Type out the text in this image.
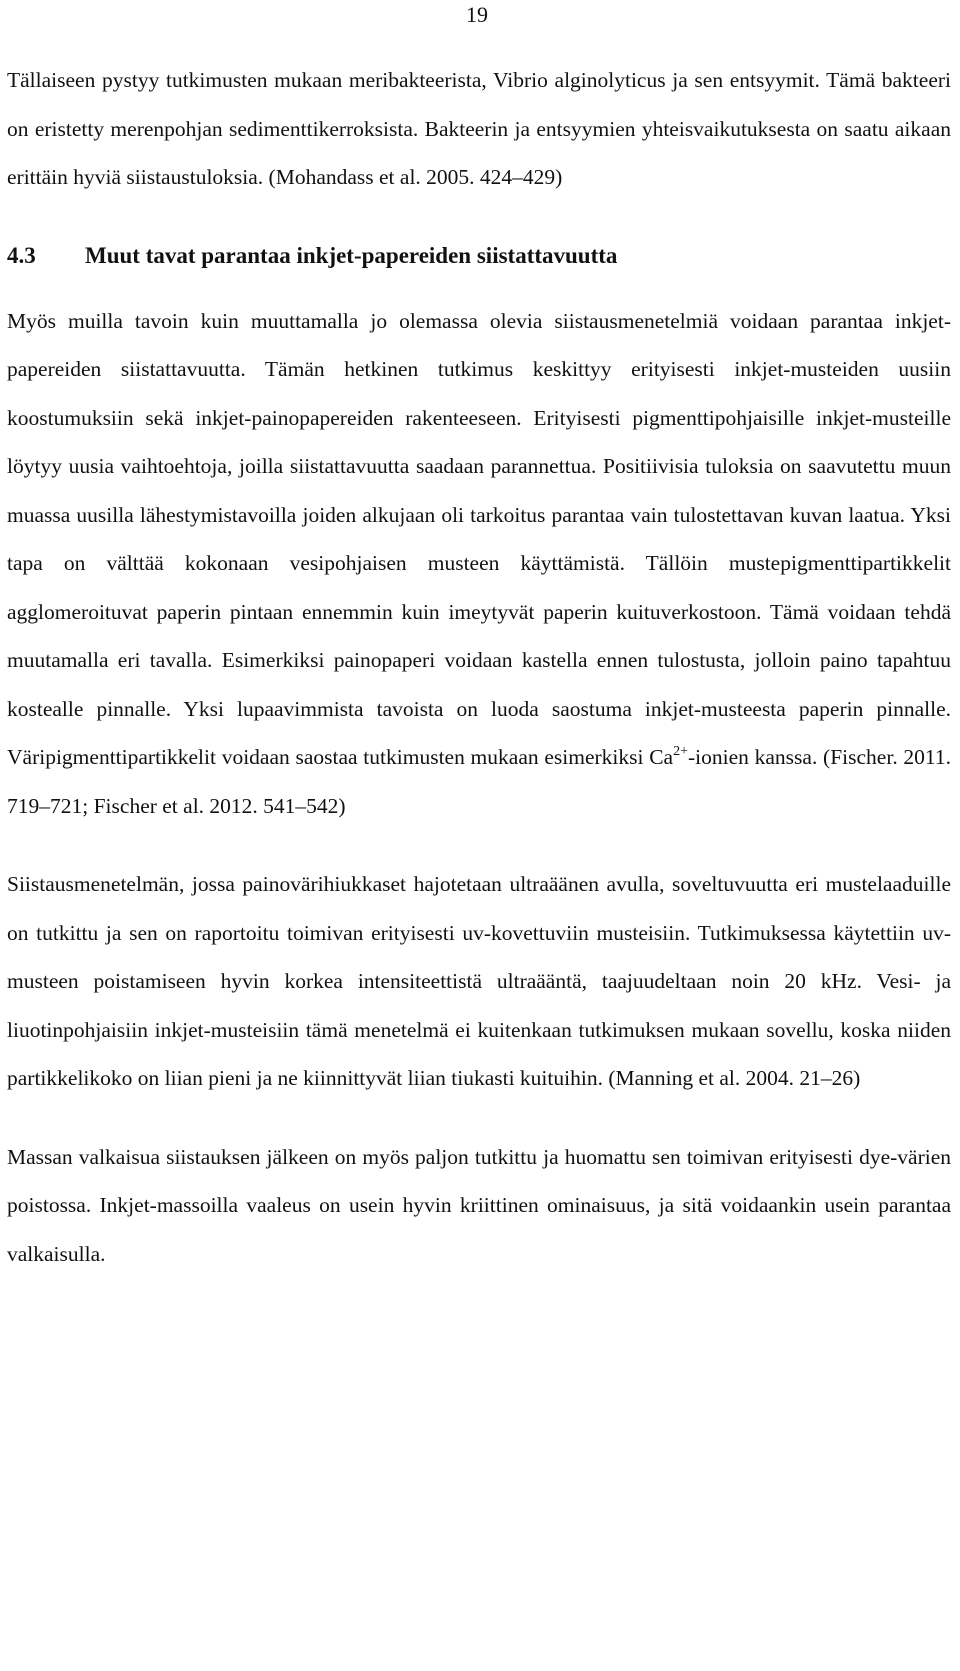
19

Tällaiseen pystyy tutkimusten mukaan meribakteerista, Vibrio alginolyticus ja sen entsyymit. Tämä bakteeri on eristetty merenpohjan sedimenttikerroksista. Bakteerin ja entsyymien yhteisvaikutuksesta on saatu aikaan erittäin hyviä siistaustuloksia. (Mohandass et al. 2005. 424–429)

4.3	Muut tavat parantaa inkjet-papereiden siistattavuutta

Myös muilla tavoin kuin muuttamalla jo olemassa olevia siistausmenetelmiä voidaan parantaa inkjet-papereiden siistattavuutta. Tämän hetkinen tutkimus keskittyy erityisesti inkjet-musteiden uusiin koostumuksiin sekä inkjet-painopapereiden rakenteeseen. Erityisesti pigmenttipohjaisille inkjet-musteille löytyy uusia vaihtoehtoja, joilla siistattavuutta saadaan parannettua. Positiivisia tuloksia on saavutettu muun muassa uusilla lähestymistavoilla joiden alkujaan oli tarkoitus parantaa vain tulostettavan kuvan laatua. Yksi tapa on välttää kokonaan vesipohjaisen musteen käyttämistä. Tällöin mustepigmenttipartikkelit agglomeroituvat paperin pintaan ennemmin kuin imeytyvät paperin kuituverkostoon. Tämä voidaan tehdä muutamalla eri tavalla. Esimerkiksi painopaperi voidaan kastella ennen tulostusta, jolloin paino tapahtuu kostealle pinnalle. Yksi lupaavimmista tavoista on luoda saostuma inkjet-musteesta paperin pinnalle. Väripigmenttipartikkelit voidaan saostaa tutkimusten mukaan esimerkiksi $Ca^{2+}$-ionien kanssa. (Fischer. 2011. 719–721; Fischer et al. 2012. 541–542)

Siistausmenetelmän, jossa painovärihiukkaset hajotetaan ultraäänen avulla, soveltuvuutta eri mustelaaduille on tutkittu ja sen on raportoitu toimivan erityisesti uv-kovettuviin musteisiin. Tutkimuksessa käytettiin uv-musteen poistamiseen hyvin korkea intensiteettistä ultraääntä, taajuudeltaan noin 20 kHz. Vesi- ja liuotinpohjaisiin inkjet-musteisiin tämä menetelmä ei kuitenkaan tutkimuksen mukaan sovellu, koska niiden partikkelikoko on liian pieni ja ne kiinnittyvät liian tiukasti kuituihin. (Manning et al. 2004. 21–26)

Massan valkaisua siistauksen jälkeen on myös paljon tutkittu ja huomattu sen toimivan erityisesti dye-värien poistossa. Inkjet-massoilla vaaleus on usein hyvin kriittinen ominaisuus, ja sitä voidaankin usein parantaa valkaisulla.
